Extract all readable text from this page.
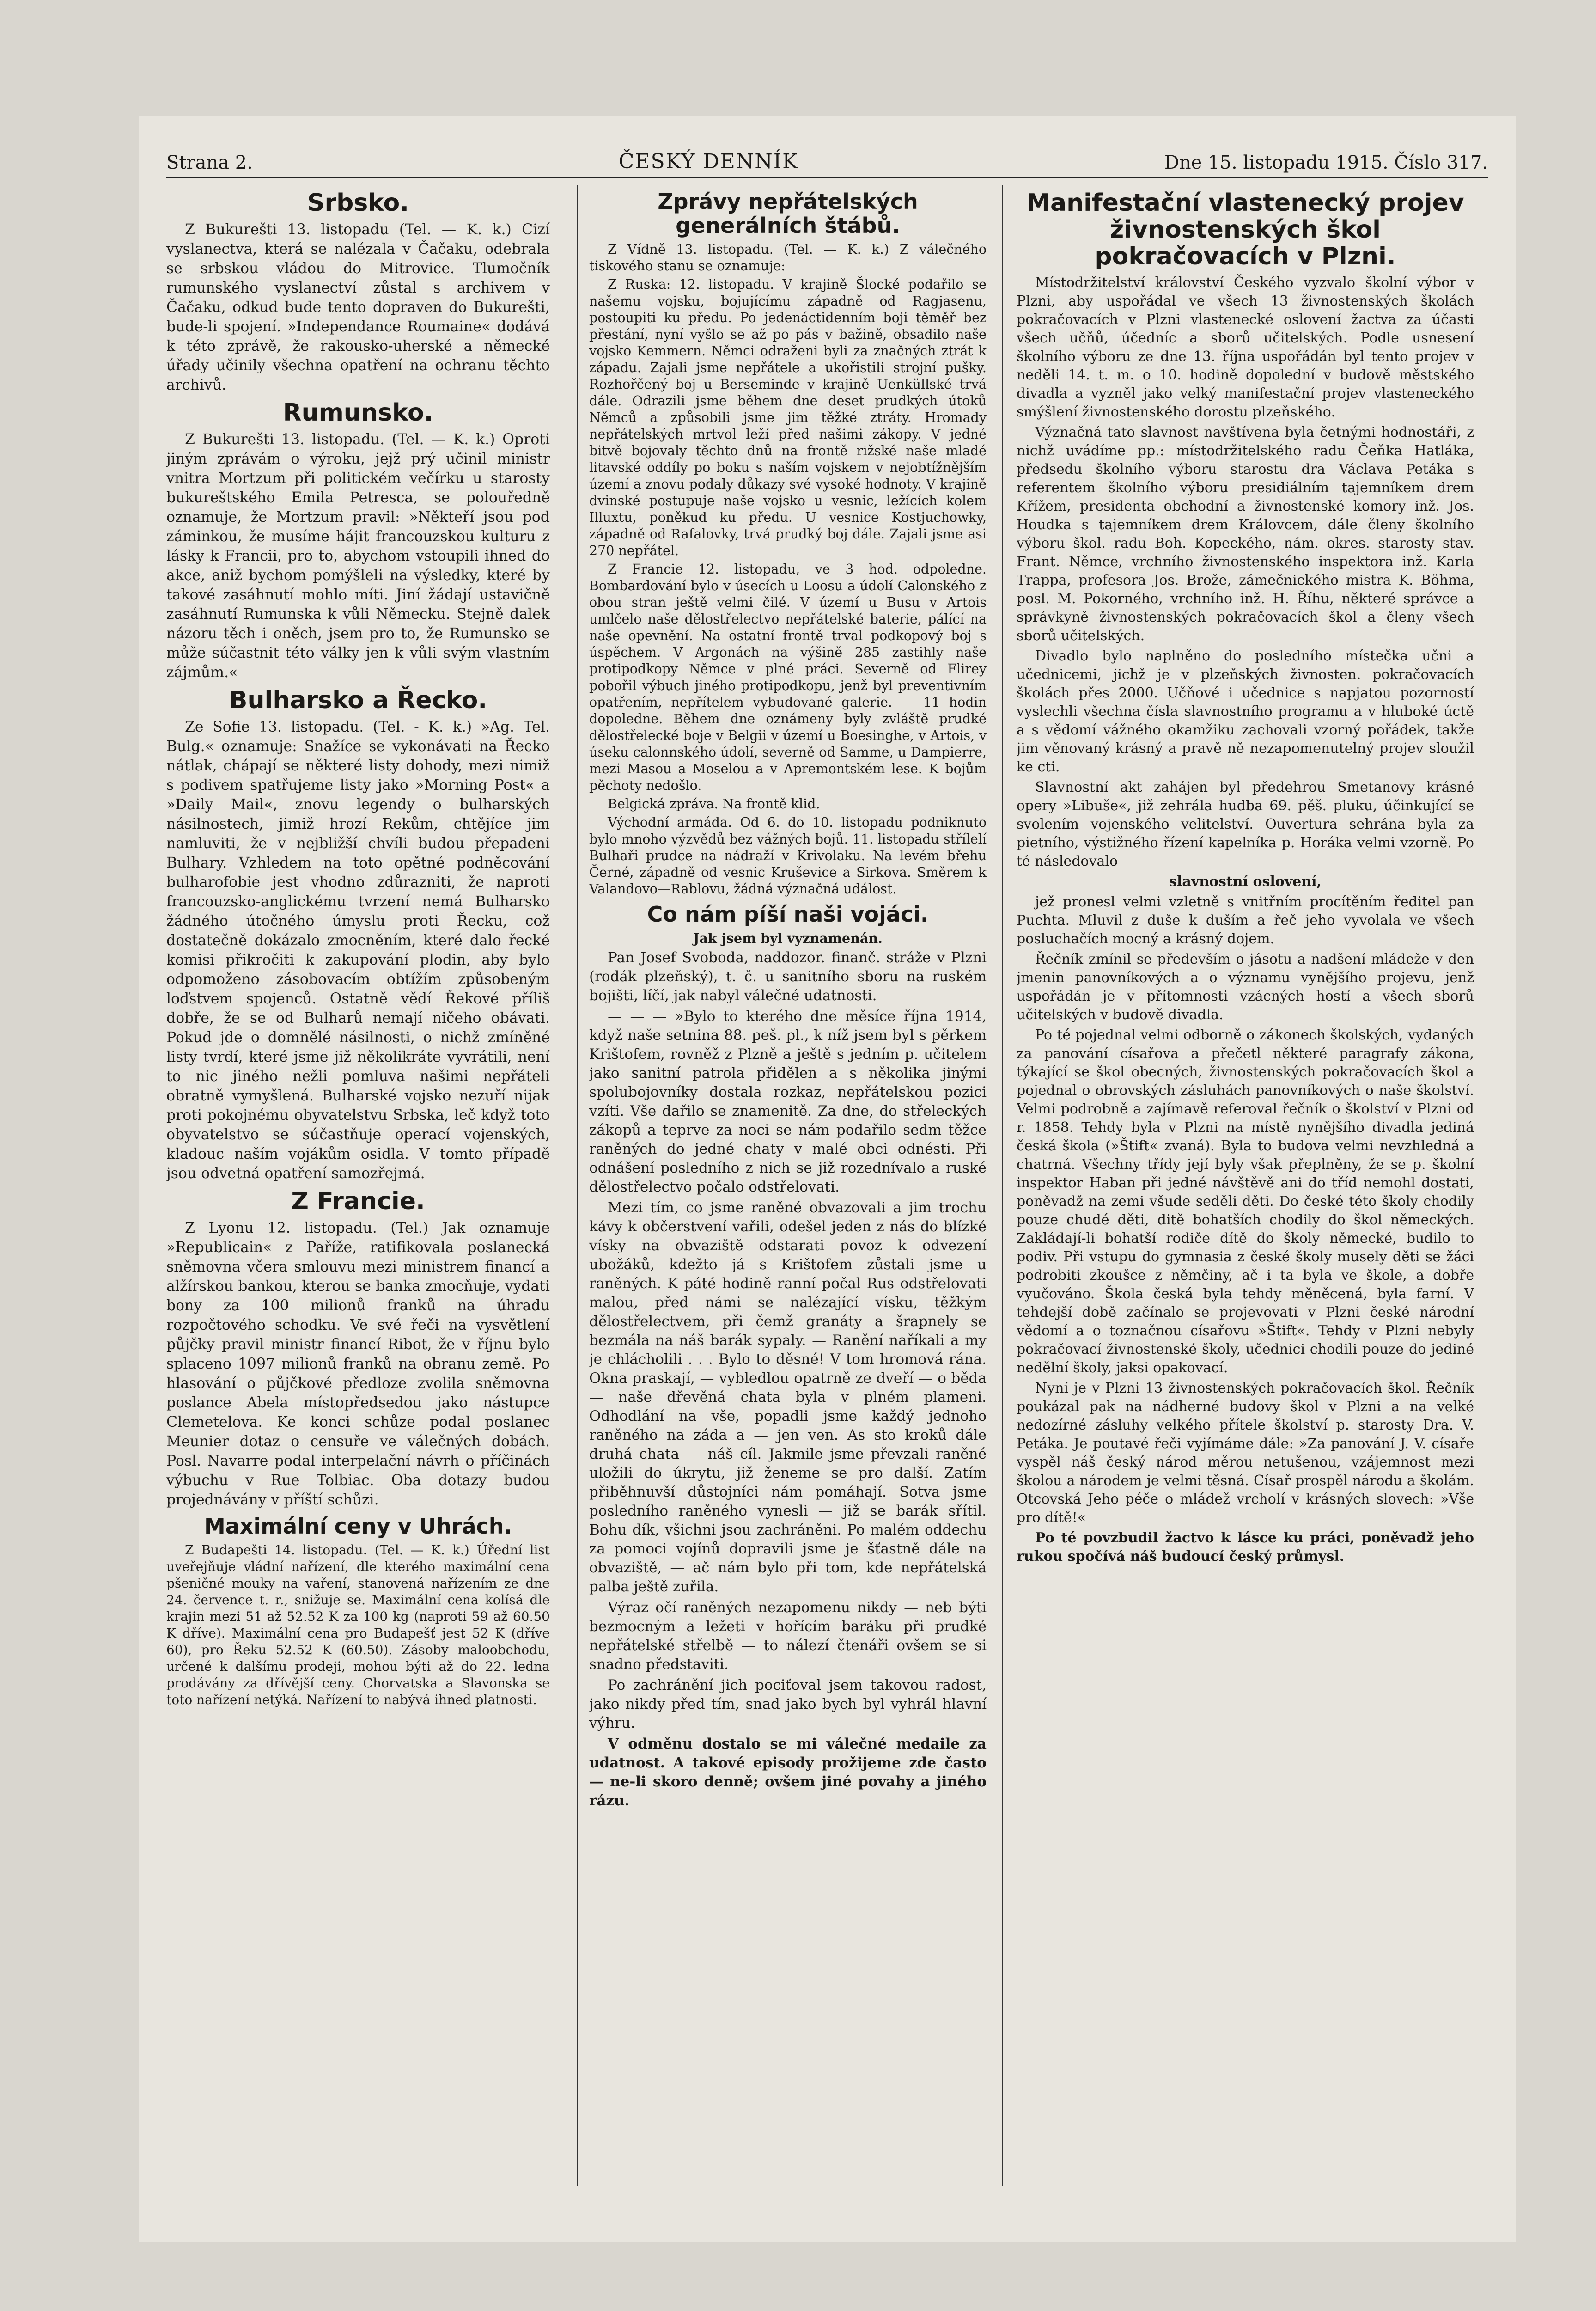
Strana 2.	ČESKÝ DENNÍK	Dne 15. listopadu 1915. Číslo 317.
Srbsko.

Z Bukurešti 13. listopadu (Tel. — K. k.) Cizí vyslanectva, která se nalézala v Čačaku, odebrala se srbskou vládou do Mitrovice. Tlumočník rumunského vyslanectví zůstal s archivem v Čačaku, odkud bude tento dopraven do Bukurešti, bude-li spojení. »Independance Roumaine« dodává k této zprávě, že rakousko-uherské a německé úřady učinily všechna opatření na ochranu těchto archivů.

Rumunsko.

Z Bukurešti 13. listopadu. (Tel. — K. k.) Oproti jiným zprávám o výroku, jejž prý učinil ministr vnitra Mortzum při politickém večírku u starosty bukureštského Emila Petresca, se polouředně oznamuje, že Mortzum pravil: »Někteří jsou pod záminkou, že musíme hájit francouzskou kulturu z lásky k Francii, pro to, abychom vstoupili ihned do akce, aniž bychom pomýšleli na výsledky, které by takové zasáhnutí mohlo míti. Jiní žádají ustavičně zasáhnutí Rumunska k vůli Německu. Stejně dalek názoru těch i oněch, jsem pro to, že Rumunsko se může súčastnit této války jen k vůli svým vlastním zájmům.«

Bulharsko a Řecko.

Ze Sofie 13. listopadu. (Tel. - K. k.) »Ag. Tel. Bulg.« oznamuje: Snažíce se vykonávati na Řecko nátlak, chápají se některé listy dohody, mezi nimiž s podivem spatřujeme listy jako »Morning Post« a »Daily Mail«, znovu legendy o bulharských násilnostech, jimiž hrozí Rekům, chtějíce jim namluviti, že v nejbližší chvíli budou přepadeni Bulhary. Vzhledem na toto opětné podněcování bulharofobie jest vhodno zdůrazniti, že naproti francouzsko-anglickému tvrzení nemá Bulharsko žádného útočného úmyslu proti Řecku, což dostatečně dokázalo zmocněním, které dalo řecké komisi přikročiti k zakupování plodin, aby bylo odpomoženo zásobovacím obtížím způsobeným loďstvem spojenců. Ostatně vědí Řekové příliš dobře, že se od Bulharů nemají ničeho obávati. Pokud jde o domnělé násilnosti, o nichž zmíněné listy tvrdí, které jsme již několikráte vyvrátili, není to nic jiného nežli pomluva našimi nepřáteli obratně vymyšlená. Bulharské vojsko nezuří nijak proti pokojnému obyvatelstvu Srbska, leč když toto obyvatelstvo se súčastňuje operací vojenských, kladouc naším vojákům osidla. V tomto případě jsou odvetná opatření samozřejmá.

Z Francie.

Z Lyonu 12. listopadu. (Tel.) Jak oznamuje »Republicain« z Paříže, ratifikovala poslanecká sněmovna včera smlouvu mezi ministrem financí a alžírskou bankou, kterou se banka zmocňuje, vydati bony za 100 milionů franků na úhradu rozpočtového schodku. Ve své řeči na vysvětlení půjčky pravil ministr financí Ribot, že v říjnu bylo splaceno 1097 milionů franků na obranu země. Po hlasování o půjčkové předloze zvolila sněmovna poslance Abela místopředsedou jako nástupce Clemetelova. Ke konci schůze podal poslanec Meunier dotaz o censuře ve válečných dobách. Posl. Navarre podal interpelační návrh o příčinách výbuchu v Rue Tolbiac. Oba dotazy budou projednávány v příští schůzi.

Maximální ceny v Uhrách.

Z Budapešti 14. listopadu. (Tel. — K. k.) Úřední list uveřejňuje vládní nařízení, dle kterého maximální cena pšeničné mouky na vaření, stanovená nařízením ze dne 24. července t. r., snižuje se. Maximální cena kolísá dle krajin mezi 51 až 52.52 K za 100 kg (naproti 59 až 60.50 K dříve). Maximální cena pro Budapešť jest 52 K (dříve 60), pro Řeku 52.52 K (60.50). Zásoby maloobchodu, určené k dalšímu prodeji, mohou býti až do 22. ledna prodávány za dřívější ceny. Chorvatska a Slavonska se toto nařízení netýká. Nařízení to nabývá ihned platnosti.

Zprávy nepřátelských generálních štábů.

Z Vídně 13. listopadu. (Tel. — K. k.) Z válečného tiskového stanu se oznamuje:

Z Ruska: 12. listopadu. V krajině Šlocké podařilo se našemu vojsku, bojujícímu západně od Ragjasenu, postoupiti ku předu. Po jedenáctidenním boji těměř bez přestání, nyní vyšlo se až po pás v bažině, obsadilo naše vojsko Kemmern. Němci odraženi byli za značných ztrát k západu. Zajali jsme nepřátele a ukořistili strojní pušky. Rozhořčený boj u Berseminde v krajině Uenküllské trvá dále. Odrazili jsme během dne deset prudkých útoků Němců a způsobili jsme jim těžké ztráty. Hromady nepřátelských mrtvol leží před našimi zákopy. V jedné bitvě bojovaly těchto dnů na frontě rižské naše mladé litavské oddíly po boku s naším vojskem v nejobtížnějším území a znovu podaly důkazy své vysoké hodnoty. V krajině dvinské postupuje naše vojsko u vesnic, ležících kolem Illuxtu, poněkud ku předu. U vesnice Kostjuchowky, západně od Rafalovky, trvá prudký boj dále. Zajali jsme asi 270 nepřátel.

Z Francie 12. listopadu, ve 3 hod. odpoledne. Bombardování bylo v úsecích u Loosu a údolí Calonského z obou stran ještě velmi čilé. V území u Busu v Artois umlčelo naše dělostřelectvo nepřátelské baterie, pálící na naše opevnění. Na ostatní frontě trval podkopový boj s úspěchem. V Argonách na výšině 285 zastihly naše protipodkopy Němce v plné práci. Severně od Flirey pobořil výbuch jiného protipodkopu, jenž byl preventivním opatřením, nepřítelem vybudované galerie. — 11 hodin dopoledne. Během dne oznámeny byly zvláště prudké dělostřelecké boje v Belgii v území u Boesinghe, v Artois, v úseku calonnského údolí, severně od Samme, u Dampierre, mezi Masou a Moselou a v Apremontském lese. K bojům pěchoty nedošlo.

Belgická zpráva. Na frontě klid.

Východní armáda. Od 6. do 10. listopadu podniknuto bylo mnoho výzvědů bez vážných bojů. 11. listopadu střílelí Bulhaři prudce na nádraží v Krivolaku. Na levém břehu Černé, západně od vesnic Kruševice a Sirkova. Směrem k Valandovo—Rablovu, žádná význačná událost.

Co nám píší naši vojáci.
Jak jsem byl vyznamenán.

Pan Josef Svoboda, naddozor. finanč. stráže v Plzni (rodák plzeňský), t. č. u sanitního sboru na ruském bojišti, líčí, jak nabyl válečné udatnosti.

— — — »Bylo to kterého dne měsíce října 1914, když naše setnina 88. peš. pl., k níž jsem byl s pěrkem Krištofem, rovněž z Plzně a ještě s jedním p. učitelem jako sanitní patrola přidělen a s několika jinými spolubojovníky dostala rozkaz, nepřátelskou pozici vzíti. Vše dařilo se znamenitě. Za dne, do střeleckých zákopů a teprve za noci se nám podařilo sedm těžce raněných do jedné chaty v malé obci odnésti. Při odnášení posledního z nich se již rozednívalo a ruské dělostřelectvo počalo odstřelovati.

Mezi tím, co jsme raněné obvazovali a jim trochu kávy k občerstvení vařili, odešel jeden z nás do blízké vísky na obvaziště odstarati povoz k odvezení ubožáků, kdežto já s Krištofem zůstali jsme u raněných. K páté hodině ranní počal Rus odstřelovati malou, před námi se nalézající vísku, těžkým dělostřelectvem, při čemž granáty a šrapnely se bezmála na náš barák sypaly. — Ranění naříkali a my je chlácholili . . . Bylo to děsné! V tom hromová rána. Okna praskají, — vybledlou opatrně ze dveří — o běda — naše dřevěná chata byla v plném plameni. Odhodlání na vše, popadli jsme každý jednoho raněného na záda a — jen ven. As sto kroků dále druhá chata — náš cíl. Jakmile jsme převzali raněné uložili do úkrytu, již ženeme se pro další. Zatím přiběhnuvší důstojníci nám pomáhají. Sotva jsme posledního raněného vynesli — již se barák sřítil. Bohu dík, všichni jsou zachráněni. Po malém oddechu za pomoci vojínů dopravili jsme je šťastně dále na obvaziště, — ač nám bylo při tom, kde nepřátelská palba ještě zuřila.

Výraz očí raněných nezapomenu nikdy — neb býti bezmocným a ležeti v hořícím baráku při prudké nepřátelské střelbě — to nálezí čtenáři ovšem se si snadno představiti.

Po zachránění jich pociťoval jsem takovou radost, jako nikdy před tím, snad jako bych byl vyhrál hlavní výhru.

V odměnu dostalo se mi válečné medaile za udatnost. A takové episody prožijeme zde často — ne-li skoro denně; ovšem jiné povahy a jiného rázu.

Manifestační vlastenecký projev živnostenských škol pokračovacích v Plzni.

Místodržitelství království Českého vyzvalo školní výbor v Plzni, aby uspořádal ve všech 13 živnostenských školách pokračovacích v Plzni vlastenecké oslovení žactva za účasti všech učňů, účedníc a sborů učitelských. Podle usnesení školního výboru ze dne 13. října uspořádán byl tento projev v neděli 14. t. m. o 10. hodině dopolední v budově městského divadla a vyzněl jako velký manifestační projev vlasteneckého smýšlení živnostenského dorostu plzeňského.

Význačná tato slavnost navštívena byla četnými hodnostáři, z nichž uvádíme pp.: místodržitelského radu Čeňka Hatláka, předsedu školního výboru starostu dra Václava Petáka s referentem školního výboru presidiálním tajemníkem drem Křížem, presidenta obchodní a živnostenské komory inž. Jos. Houdka s tajemníkem drem Královcem, dále členy školního výboru škol. radu Boh. Kopeckého, nám. okres. starosty stav. Frant. Němce, vrchního živnostenského inspektora inž. Karla Trappa, profesora Jos. Brože, zámečnického mistra K. Böhma, posl. M. Pokorného, vrchního inž. H. Říhu, některé správce a správkyně živnostenských pokračovacích škol a členy všech sborů učitelských.

Divadlo bylo naplněno do posledního místečka učni a učednicemi, jichž je v plzeňských živnosten. pokračovacích školách přes 2000. Učňové i učednice s napjatou pozorností vyslechli všechna čísla slavnostního programu a v hluboké úctě a s vědomí vážného okamžiku zachovali vzorný pořádek, takže jim věnovaný krásný a pravě ně nezapomenutelný projev sloužil ke cti.

Slavnostní akt zahájen byl předehrou Smetanovy krásné opery »Libuše«, již zehrála hudba 69. pěš. pluku, účinkující se svolením vojenského velitelství. Ouvertura sehrána byla za pietního, výstižného řízení kapelníka p. Horáka velmi vzorně. Po té následovalo

slavnostní oslovení,

jež pronesl velmi vzletně s vnitřním procítěním ředitel pan Puchta. Mluvil z duše k duším a řeč jeho vyvolala ve všech posluchačích mocný a krásný dojem.

Řečník zmínil se především o jásotu a nadšení mládeže v den jmenin panovníkových a o významu vynějšího projevu, jenž uspořádán je v přítomnosti vzácných hostí a všech sborů učitelských v budově divadla.

Po té pojednal velmi odborně o zákonech školských, vydaných za panování císařova a přečetl některé paragrafy zákona, týkající se škol obecných, živnostenských pokračovacích škol a pojednal o obrovských zásluhách panovníkových o naše školství. Velmi podrobně a zajímavě referoval řečník o školství v Plzni od r. 1858. Tehdy byla v Plzni na místě nynějšího divadla jediná česká škola (»Štift« zvaná). Byla to budova velmi nevzhledná a chatrná. Všechny třídy její byly však přeplněny, že se p. školní inspektor Haban při jedné návštěvě ani do tříd nemohl dostati, poněvadž na zemi všude seděli děti. Do české této školy chodily pouze chudé děti, ditě bohatších chodily do škol německých. Zakládají-li bohatší rodiče dítě do školy německé, budilo to podiv. Při vstupu do gymnasia z české školy musely děti se žáci podrobiti zkoušce z němčiny, ač i ta byla ve škole, a dobře vyučováno. Škola česká byla tehdy měněcená, byla farní. V tehdejší době začínalo se projevovati v Plzni české národní vědomí a o toznačnou císařovu »Štift«. Tehdy v Plzni nebyly pokračovací živnostenské školy, učednici chodili pouze do jediné nedělní školy, jaksi opakovací.

Nyní je v Plzni 13 živnostenských pokračovacích škol. Řečník poukázal pak na nádherné budovy škol v Plzni a na velké nedozírné zásluhy velkého přítele školství p. starosty Dra. V. Petáka. Je poutavé řeči vyjímáme dále: »Za panování J. V. císaře vyspěl náš český národ měrou netušenou, vzájemnost mezi školou a národem je velmi těsná. Císař prospěl národu a školám. Otcovská Jeho péče o mládež vrcholí v krásných slovech: »Vše pro dítě!«

Po té povzbudil žactvo k lásce ku práci, poněvadž jeho rukou spočívá náš budoucí český průmysl.
